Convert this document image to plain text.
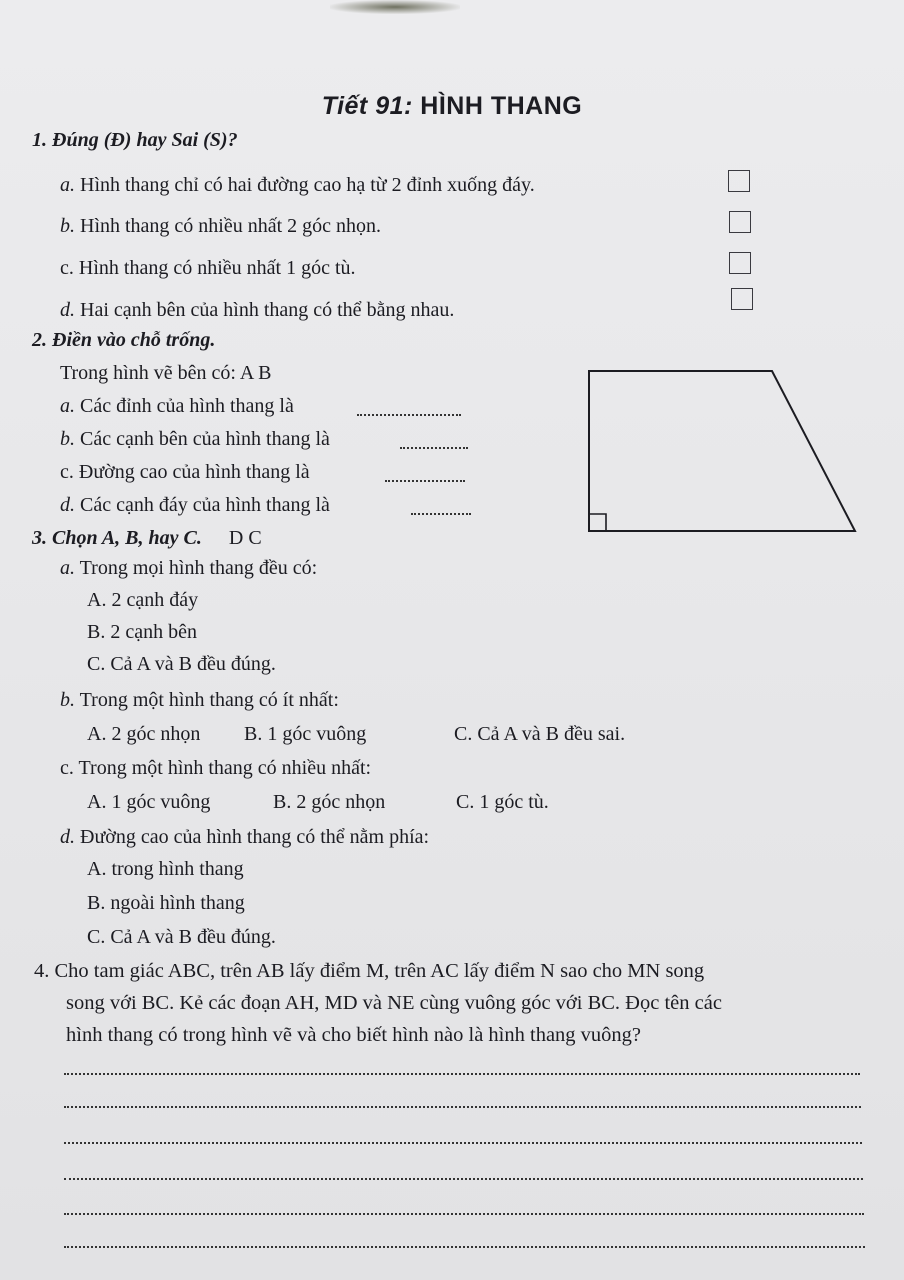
Tiết 91: HÌNH THANG
1. Đúng (Đ) hay Sai (S)?
a. Hình thang chỉ có hai đường cao hạ từ 2 đỉnh xuống đáy.
b. Hình thang có nhiều nhất 2 góc nhọn.
c. Hình thang có nhiều nhất 1 góc tù.
d. Hai cạnh bên của hình thang có thể bằng nhau.
2. Điền vào chỗ trống.
Trong hình vẽ bên có: A B
a. Các đỉnh của hình thang là
b. Các cạnh bên của hình thang là
c. Đường cao của hình thang là
d. Các cạnh đáy của hình thang là
3. Chọn A, B, hay C. D C
a. Trong mọi hình thang đều có:
A. 2 cạnh đáy
B. 2 cạnh bên
C. Cả A và B đều đúng.
b. Trong một hình thang có ít nhất:
A. 2 góc nhọn B. 1 góc vuông	C. Cả A và B đều sai.
c. Trong một hình thang có nhiều nhất:
A. 1 góc vuông	B. 2 góc nhọn	C. 1 góc tù.
d. Đường cao của hình thang có thể nằm phía:
A. trong hình thang
B. ngoài hình thang
C. Cả A và B đều đúng.
4. Cho tam giác ABC, trên AB lấy điểm M, trên AC lấy điểm N sao cho MN song
song với BC. Kẻ các đoạn AH, MD và NE cùng vuông góc với BC. Đọc tên các
hình thang có trong hình vẽ và cho biết hình nào là hình thang vuông?
